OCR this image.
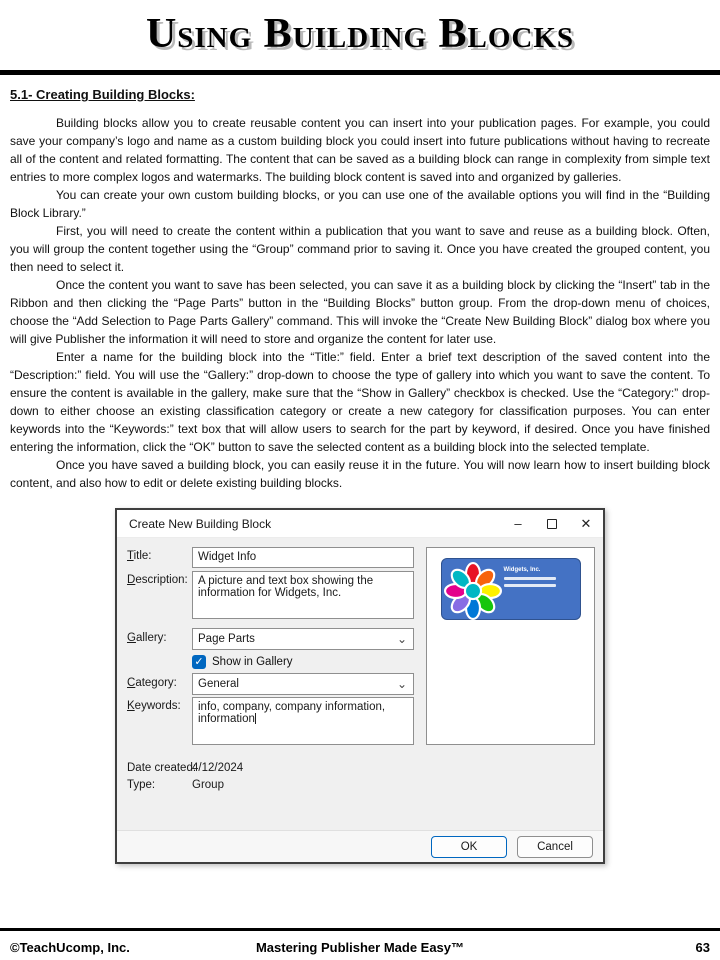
Using Building Blocks
5.1- Creating Building Blocks:

Building blocks allow you to create reusable content you can insert into your publication pages. For example, you could save your company’s logo and name as a custom building block you could insert into future publications without having to recreate all of the content and related formatting. The content that can be saved as a building block can range in complexity from simple text entries to more complex logos and watermarks. The building block content is saved into and organized by galleries.

You can create your own custom building blocks, or you can use one of the available options you will find in the “Building Block Library.”

First, you will need to create the content within a publication that you want to save and reuse as a building block. Often, you will group the content together using the “Group” command prior to saving it. Once you have created the grouped content, you then need to select it.

Once the content you want to save has been selected, you can save it as a building block by clicking the “Insert” tab in the Ribbon and then clicking the “Page Parts” button in the “Building Blocks” button group. From the drop-down menu of choices, choose the “Add Selection to Page Parts Gallery” command. This will invoke the “Create New Building Block” dialog box where you will give Publisher the information it will need to store and organize the content for later use.

Enter a name for the building block into the “Title:” field. Enter a brief text description of the saved content into the “Description:” field. You will use the “Gallery:” drop-down to choose the type of gallery into which you want to save the content. To ensure the content is available in the gallery, make sure that the “Show in Gallery” checkbox is checked. Use the “Category:” drop-down to either choose an existing classification category or create a new category for classification purposes. You can enter keywords into the “Keywords:” text box that will allow users to search for the part by keyword, if desired. Once you have finished entering the information, click the “OK” button to save the selected content as a building block into the selected template.

Once you have saved a building block, you can easily reuse it in the future. You will now learn how to insert building block content, and also how to edit or delete existing building blocks.

Create New Building Block	–	✕
Title:	Widget Info
Description: A picture and text box showing the information for Widgets, Inc.
Gallery:	Page Parts	⌄
✓ Show in Gallery
Category: General	⌄
Keywords:	info, company, company information, information
Widgets, Inc.
Date created:
4/12/2024
Type:	Group
OK	Cancel
©TeachUcomp, Inc.	Mastering Publisher Made Easy™	63
